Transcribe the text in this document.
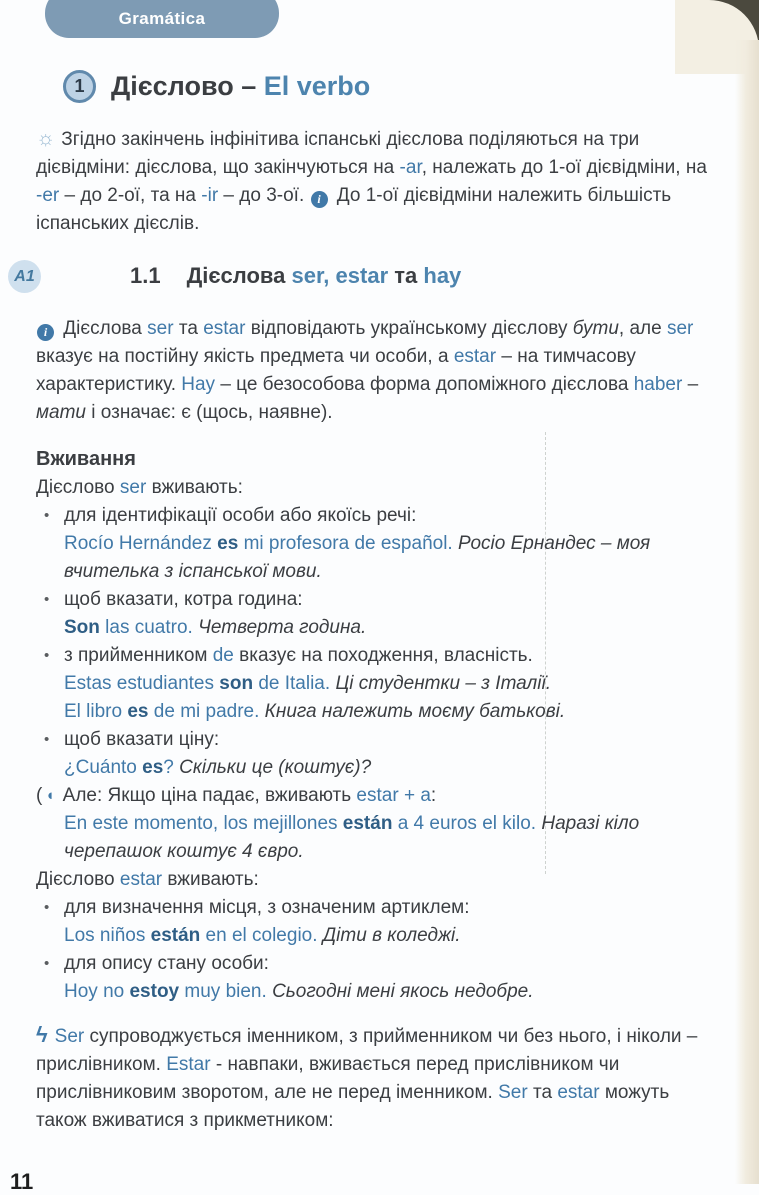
11
Gramática
1 Дієслово – El verbo
☼ Згідно закінчень інфінітива іспанські дієслова поділяються на три дієвідміни: дієслова, що закінчуються на -ar, належать до 1-ої дієвідміни, на -er – до 2-ої, та на -ir – до 3-ої. i До 1-ої дієвідміни належить більшість іспанських дієслів.
A1	1.1 Дієслова ser, estar та hay
i Дієслова ser та estar відповідають українському дієслову бути, але ser вказує на постійну якість предмета чи особи, а estar – на тимчасову характеристику. Hay – це безособова форма допоміжного дієслова haber – мати і означає: є (щось, наявне).
Вживання
Дієслово ser вживають:
• для ідентифікації особи або якоїсь речі:
Rocío Hernández es mi profesora de español. Росіо Ернандес – моя вчителька з іспанської мови.
• щоб вказати, котра година:
Son las cuatro. Четверта година.
• з прийменником de вказує на походження, власність.
Estas estudiantes son de Italia. Ці студентки – з Італії.
El libro es de mi padre. Книга належить моєму батькові.
• щоб вказати ціну:
¿Cuánto es? Скільки це (коштує)?
( ◖ Але: Якщо ціна падає, вживають estar + a:
En este momento, los mejillones están a 4 euros el kilo. Наразі кіло черепашок коштує 4 євро.
Дієслово estar вживають:
• для визначення місця, з означеним артиклем:
Los niños están en el colegio. Діти в коледжі.
• для опису стану особи:
Hoy no estoy muy bien. Сьогодні мені якось недобре.
ϟ Ser супроводжується іменником, з прийменником чи без нього, і ніколи – прислівником. Estar - навпаки, вживається перед прислівником чи прислівниковим зворотом, але не перед іменником. Ser та estar можуть також вживатися з прикметником:
